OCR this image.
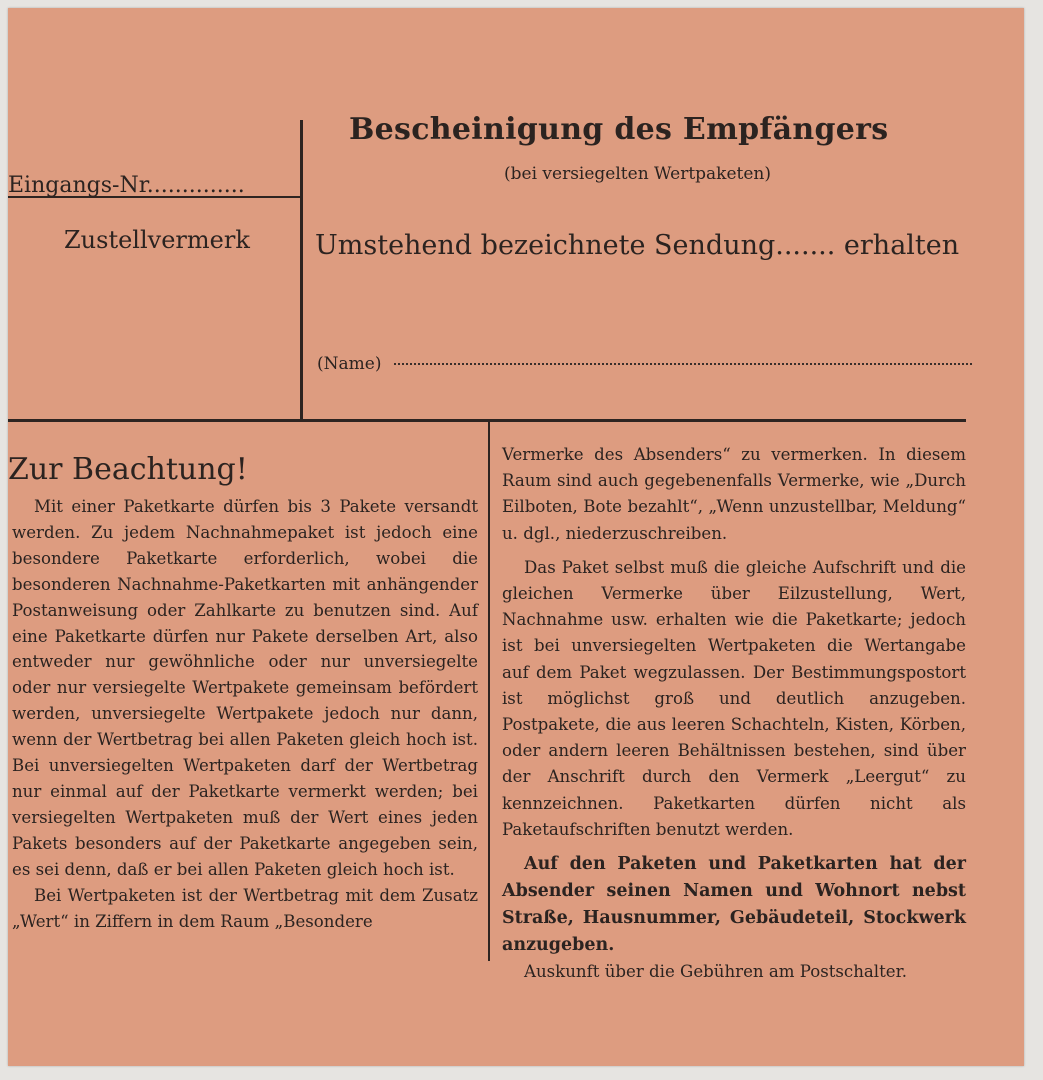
Bescheinigung des Empfängers
(bei versiegelten Wertpaketen)
Eingangs-Nr..............
Zustellvermerk Umstehend bezeichnete Sendung....... erhalten
(Name)
Zur Beachtung!

Mit einer Paketkarte dürfen bis 3 Pakete versandt werden. Zu jedem Nachnahmepaket ist jedoch eine besondere Paketkarte erforderlich, wobei die besonderen Nachnahme-Paketkarten mit anhängender Postanweisung oder Zahlkarte zu benutzen sind. Auf eine Paketkarte dürfen nur Pakete derselben Art, also entweder nur gewöhnliche oder nur unversiegelte oder nur versiegelte Wertpakete gemeinsam befördert werden, unversiegelte Wertpakete jedoch nur dann, wenn der Wertbetrag bei allen Paketen gleich hoch ist. Bei unversiegelten Wertpaketen darf der Wertbetrag nur einmal auf der Paketkarte vermerkt werden; bei versiegelten Wertpaketen muß der Wert eines jeden Pakets besonders auf der Paketkarte angegeben sein, es sei denn, daß er bei allen Paketen gleich hoch ist.

Bei Wertpaketen ist der Wertbetrag mit dem Zusatz „Wert“ in Ziffern in dem Raum „Besondere

Vermerke des Absenders“ zu vermerken. In diesem Raum sind auch gegebenenfalls Vermerke, wie „Durch Eilboten, Bote bezahlt“, „Wenn unzustellbar, Meldung“ u. dgl., niederzuschreiben.

Das Paket selbst muß die gleiche Aufschrift und die gleichen Vermerke über Eilzustellung, Wert, Nachnahme usw. erhalten wie die Paketkarte; jedoch ist bei unversiegelten Wertpaketen die Wertangabe auf dem Paket wegzulassen. Der Bestimmungspostort ist möglichst groß und deutlich anzugeben. Postpakete, die aus leeren Schachteln, Kisten, Körben, oder andern leeren Behältnissen bestehen, sind über der Anschrift durch den Vermerk „Leergut“ zu kennzeichnen. Paketkarten dürfen nicht als Paketaufschriften benutzt werden.

Auf den Paketen und Paketkarten hat der Absender seinen Namen und Wohnort nebst Straße, Hausnummer, Gebäudeteil, Stockwerk anzugeben.

Auskunft über die Gebühren am Postschalter.
